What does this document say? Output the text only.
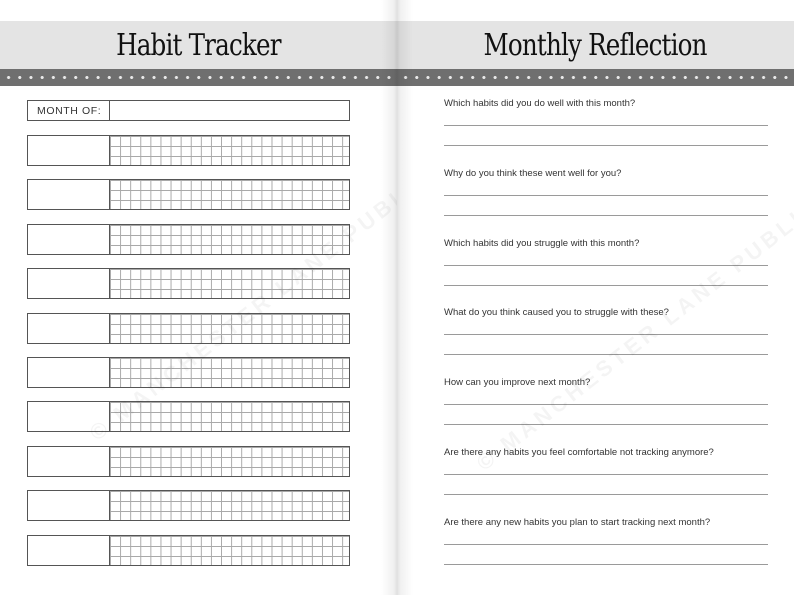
Habit Tracker
MONTH OF:
Monthly Reflection
Which habits did you do well with this month?
Why do you think these went well for you?
Which habits did you struggle with this month?
What do you think caused you to struggle with these?
How can you improve next month?
Are there any habits you feel comfortable not tracking anymore?
Are there any new habits you plan to start tracking next month?
